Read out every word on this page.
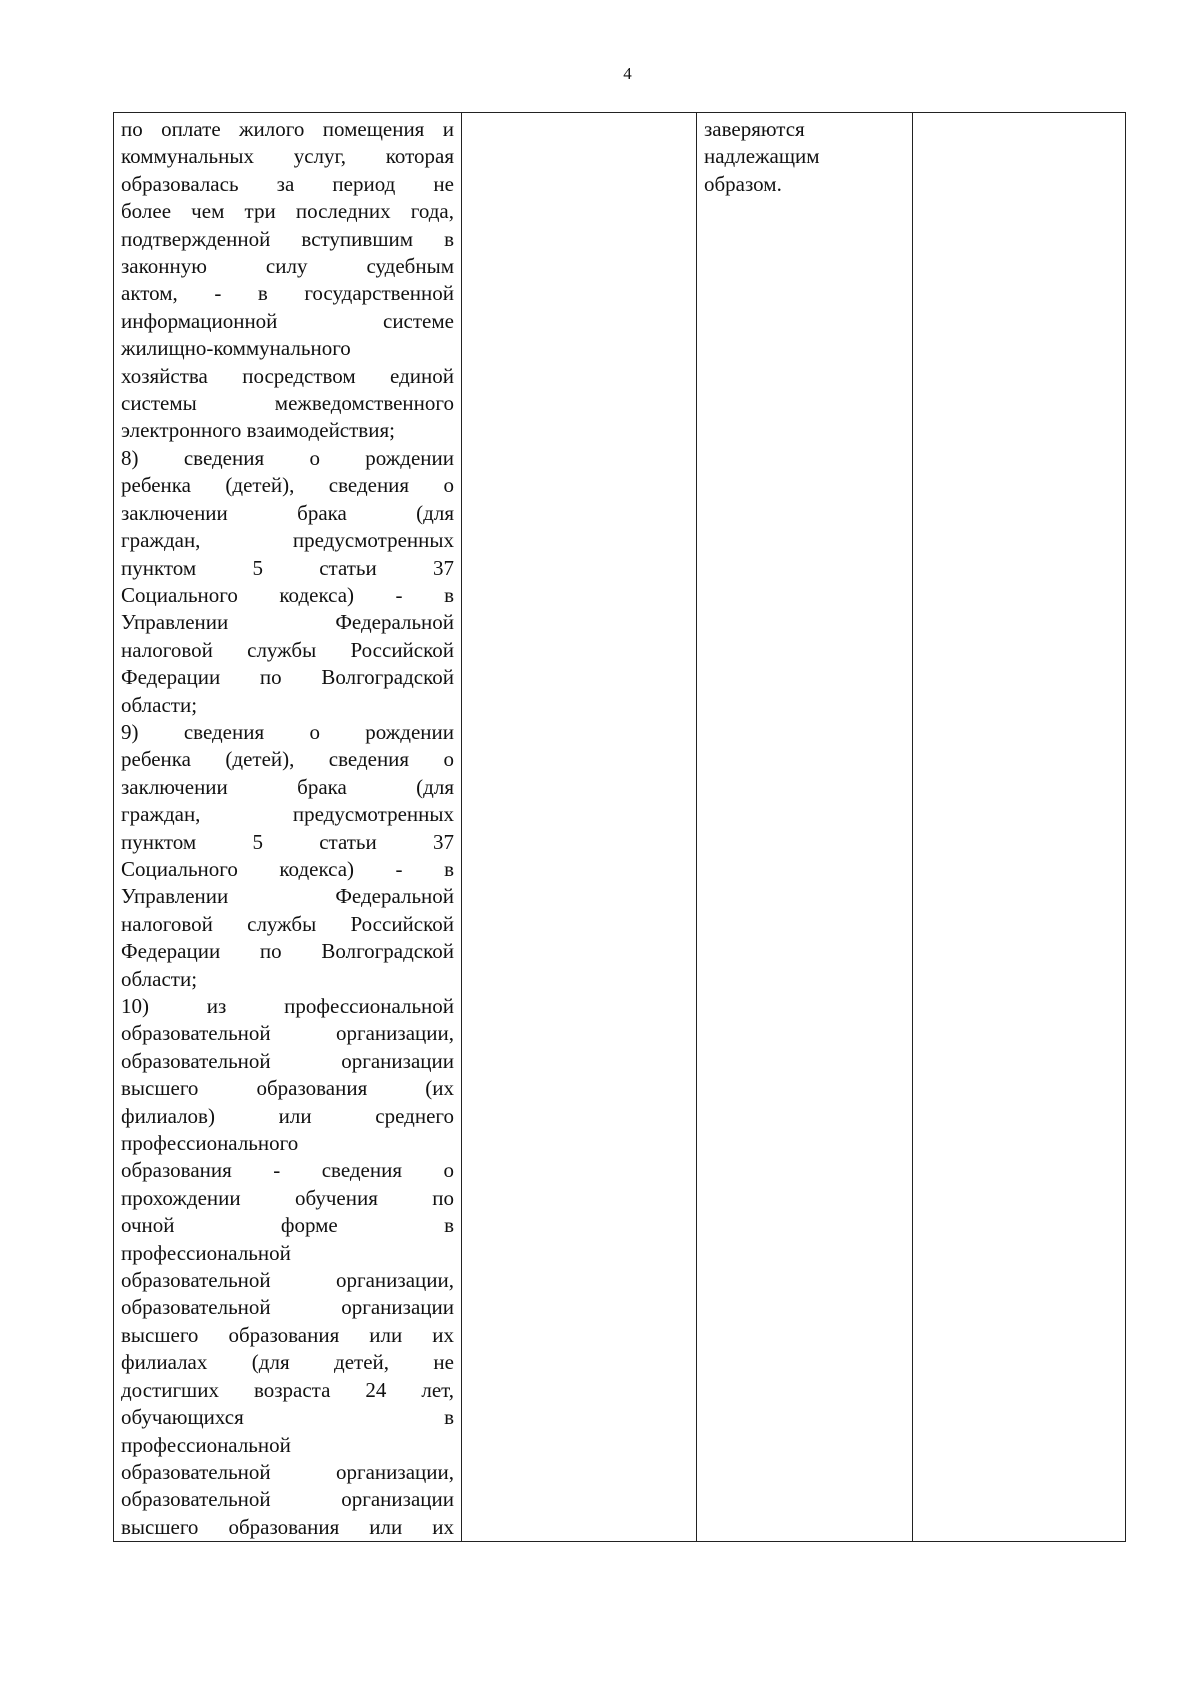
4
по оплате жилого помещения и
коммунальных услуг, которая
образовалась за период не
более чем три последних года,
подтвержденной вступившим в
законную силу судебным
актом, - в государственной
информационной системе
жилищно-коммунального
хозяйства посредством единой
системы межведомственного
электронного взаимодействия;
8) сведения о рождении
ребенка (детей), сведения о
заключении брака (для
граждан, предусмотренных
пунктом 5 статьи 37
Социального кодекса) - в
Управлении Федеральной
налоговой службы Российской
Федерации по Волгоградской
области;
9) сведения о рождении
ребенка (детей), сведения о
заключении брака (для
граждан, предусмотренных
пунктом 5 статьи 37
Социального кодекса) - в
Управлении Федеральной
налоговой службы Российской
Федерации по Волгоградской
области;
10) из профессиональной
образовательной организации,
образовательной организации
высшего образования (их
филиалов) или среднего
профессионального
образования - сведения о
прохождении обучения по
очной форме в
профессиональной
образовательной организации,
образовательной организации
высшего образования или их
филиалах (для детей, не
достигших возраста 24 лет,
обучающихся в
профессиональной
образовательной организации,
образовательной организации
высшего образования или их
		заверяются
надлежащим
образом.	
